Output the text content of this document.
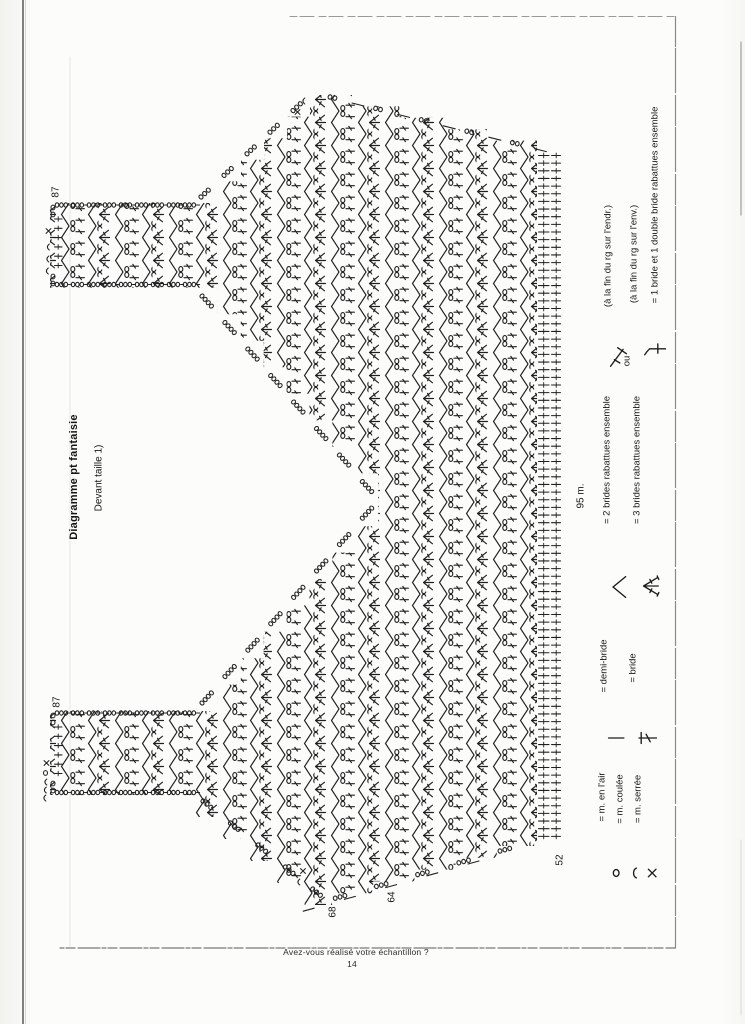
Diagramme pt fantaisie Devant taille 1)
87
87
68
64
52
95 m.
= m. en l'air = m. coulée = m. serrée
= demi-bride = bride
= 2 brides rabattues ensemble = 3 brides rabattues ensemble
(à la fin du rg sur l'endr.) (à la fin du rg sur l'env.)
ou
= 1 bride et 1 double bride rabattues ensemble
Avez-vous réalisé votre échantillon ?
14
